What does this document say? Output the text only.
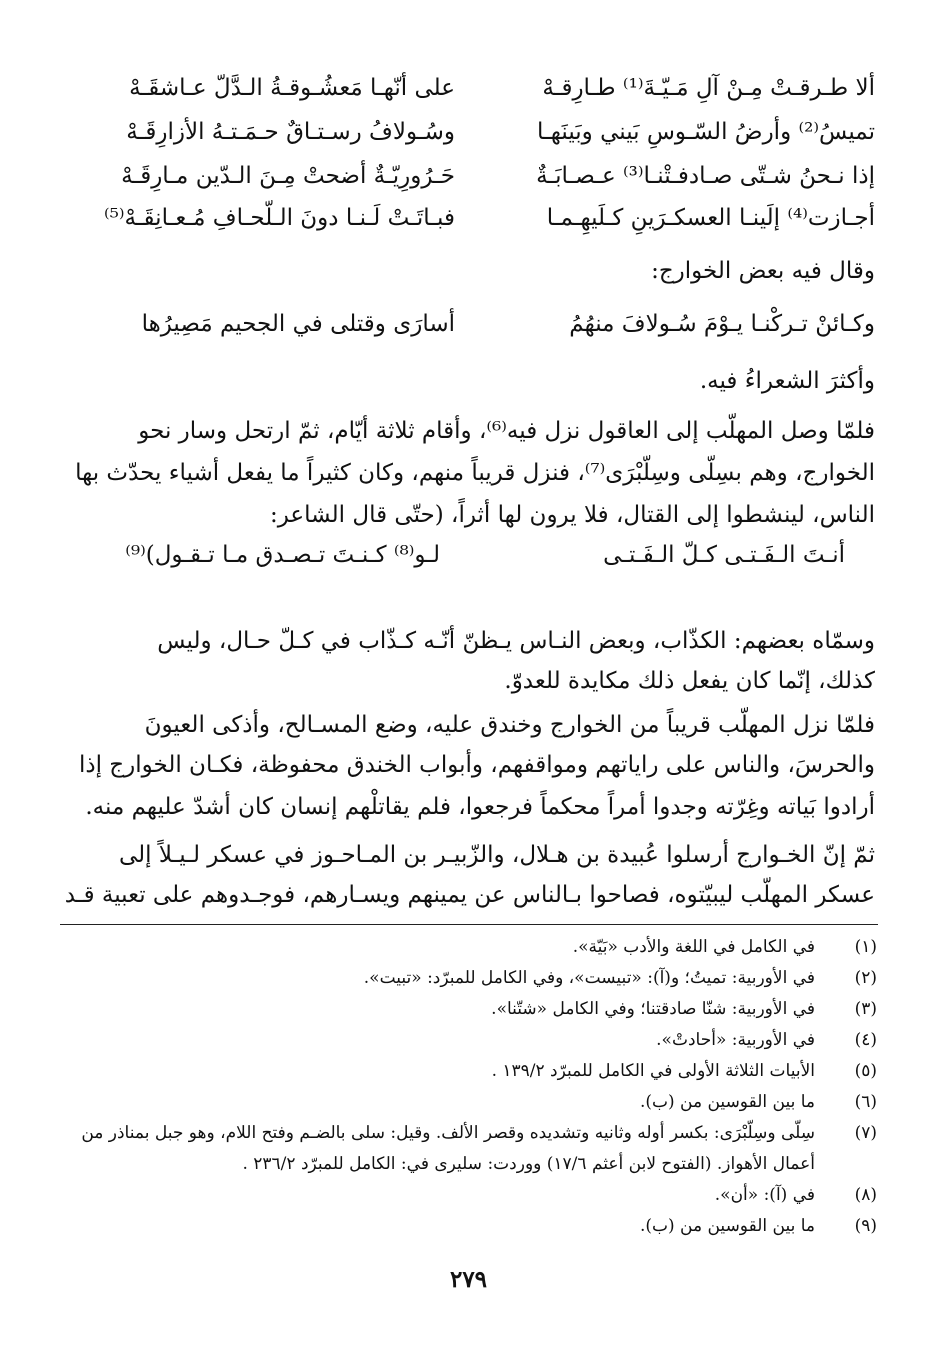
ألا طـرقـتْ مِـنْ آلِ مَـيّـةَ⁽¹⁾ طـارِقـهْ
على أنّهـا مَعشُـوقـةُ الـدَّلّ عـاشقَـهْ
تميسُ⁽²⁾ وأرضُ السّـوسِ بَيني وبَينَهـا
وسُـولافُ رسـتـاقٌ حـمَـتـهُ الأزارِقَـهْ
إذا نـحنُ شـتّى صـادفـتْنـا⁽³⁾ عـصـابَـةٌ
حَـرُورِيّـةٌ أضحتْ مِـنَ الـدّين مـارِقَـهْ
أجـازت⁽⁴⁾ إلَينـا العسكـرَينِ كـلَيهِـمـا
فبـاتَـتْ لَـنـا دونَ الـلّحـافِ مُـعـانِقَـهْ⁽⁵⁾
وقال فيه بعض الخوارج:
وكـائنْ تـركْنـا يـوْمَ سُـولافَ منهُمُ
أسارَى وقتلى في الجحيم مَصِيرُها
وأكثرَ الشعراءُ فيه.
فلمّا وصل المهلّب إلى العاقول نزل فيه⁽⁶⁾، وأقام ثلاثة أيّام، ثمّ ارتحل وسار نحو
الخوارج، وهم بسِلّى وسِلّبْرَى⁽⁷⁾، فنزل قريباً منهم، وكان كثيراً ما يفعل أشياء يحدّث بها
الناس، لينشطوا إلى القتال، فلا يرون لها أثراً، (حتّى قال الشاعر:
أنـتَ الـفَـتـى كـلّ الـفَـتـى
لـو⁽⁸⁾ كـنـتَ تـصـدق مـا تـقـول)⁽⁹⁾
وسمّاه بعضهم: الكذّاب، وبعض النـاس يـظنّ أنّـه كـذّاب في كـلّ حـال، وليس
كذلك، إنّما كان يفعل ذلك مكايدة للعدوّ.
فلمّا نزل المهلّب قريباً من الخوارج وخندق عليه، وضع المسـالح، وأذكى العيونَ
والحرسَ، والناس على راياتهم ومواقفهم، وأبواب الخندق محفوظة، فكـان الخوارج إذا
أرادوا بَياته وغِرّته وجدوا أمراً محكماً فرجعوا، فلم يقاتلْهم إنسان كان أشدّ عليهم منه.
ثمّ إنّ الخـوارج أرسلوا عُبيدة بن هـلال، والزّبيـر بن المـاحـوز في عسكر لـيـلاً إلى
عسكر المهلّب ليبيّتوه، فصاحوا بـالناس عن يمينهم ويسـارهم، فوجـدوهم على تعبية قـد
(١)
في الكامل في اللغة والأدب «بَيّة».
(٢)
في الأوربية: تميتُ؛ و(آ): «تبيست»، وفي الكامل للمبرّد: «تبيت».
(٣)
في الأوربية: شنّا صادقتنا؛ وفي الكامل «شتّنا».
(٤)
في الأوربية: «أحادتْ».
(٥)
الأبيات الثلاثة الأولى في الكامل للمبرّد ١٣٩/٢ .
(٦)
ما بين القوسين من (ب).
(٧)
سِلّى وسِلّبْرَى: بكسر أوله وثانيه وتشديده وقصر الألف. وقيل: سلى بالضـم وفتح اللام، وهو جبل بمناذر من أعمال الأهواز. (الفتوح لابن أعثم ١٧/٦) ووردت: سليرى في: الكامل للمبرّد ٢٣٦/٢ .
(٨)
في (آ): «أن».
(٩)
ما بين القوسين من (ب).
٢٧٩
